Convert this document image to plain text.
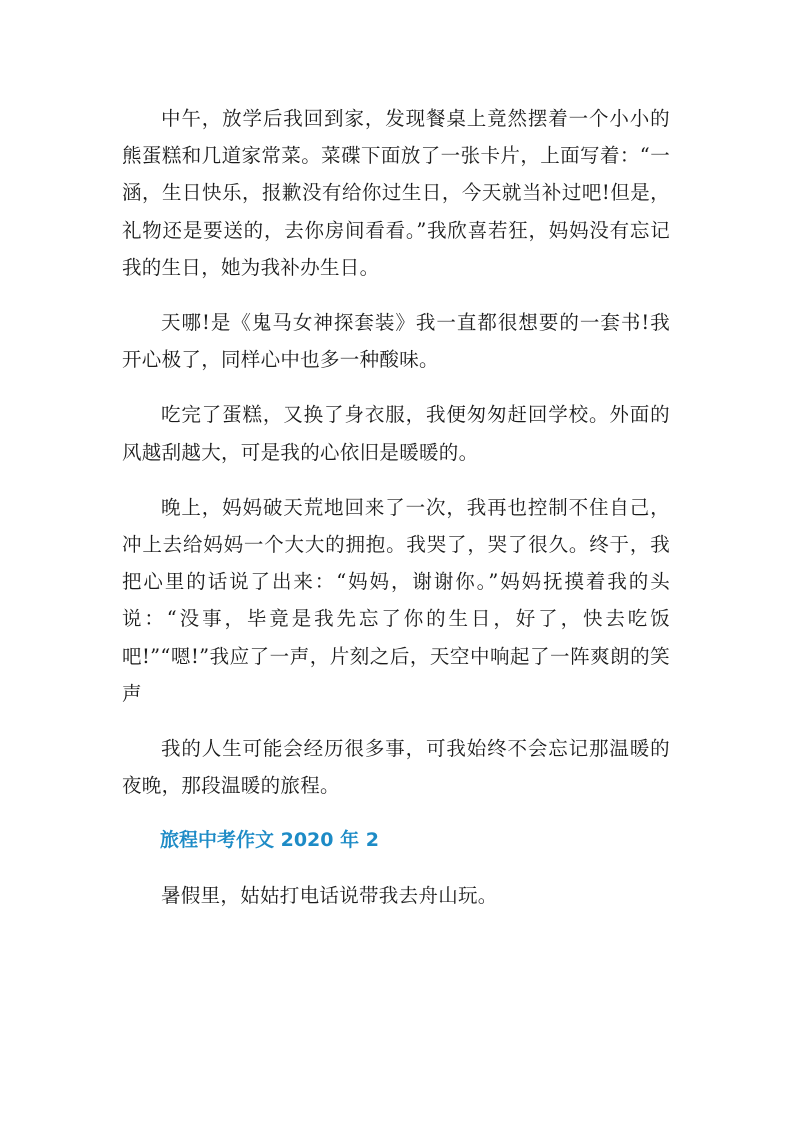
中午，放学后我回到家，发现餐桌上竟然摆着一个小小的熊蛋糕和几道家常菜。菜碟下面放了一张卡片，上面写着：“一涵，生日快乐，报歉没有给你过生日，今天就当补过吧!但是，礼物还是要送的，去你房间看看。”我欣喜若狂，妈妈没有忘记我的生日，她为我补办生日。

天哪!是《鬼马女神探套装》我一直都很想要的一套书!我开心极了，同样心中也多一种酸味。

吃完了蛋糕，又换了身衣服，我便匆匆赶回学校。外面的风越刮越大，可是我的心依旧是暖暖的。

晚上，妈妈破天荒地回来了一次，我再也控制不住自己，冲上去给妈妈一个大大的拥抱。我哭了，哭了很久。终于，我把心里的话说了出来：“妈妈，谢谢你。”妈妈抚摸着我的头说：“没事，毕竟是我先忘了你的生日，好了，快去吃饭吧!”“嗯!”我应了一声，片刻之后，天空中响起了一阵爽朗的笑声

我的人生可能会经历很多事，可我始终不会忘记那温暖的夜晚，那段温暖的旅程。

旅程中考作文 2020 年 2

暑假里，姑姑打电话说带我去舟山玩。
